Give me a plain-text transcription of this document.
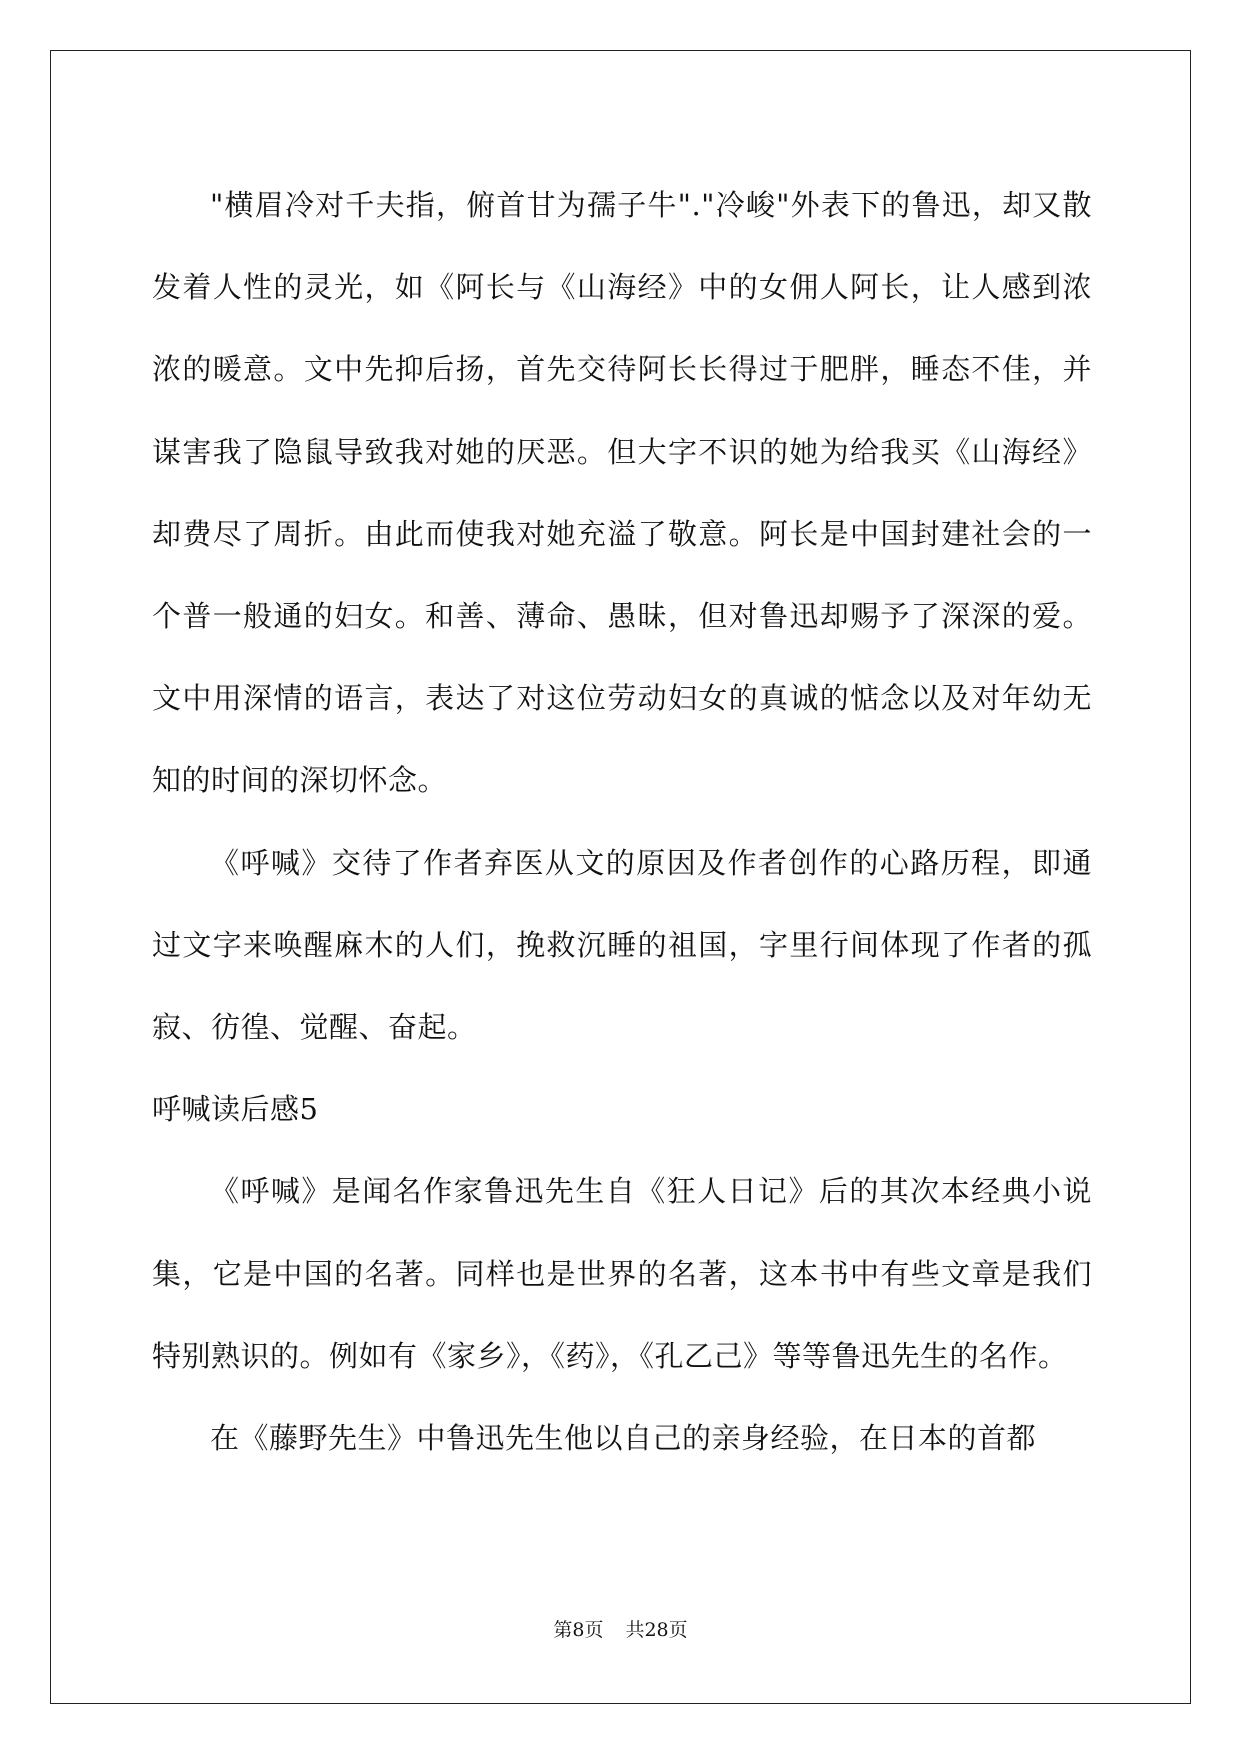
"横眉冷对千夫指，俯首甘为孺子牛"."冷峻"外表下的鲁迅，却又散发着人性的灵光，如《阿长与《山海经》中的女佣人阿长，让人感到浓浓的暖意。文中先抑后扬，首先交待阿长长得过于肥胖，睡态不佳，并谋害我了隐鼠导致我对她的厌恶。但大字不识的她为给我买《山海经》却费尽了周折。由此而使我对她充溢了敬意。阿长是中国封建社会的一个普一般通的妇女。和善、薄命、愚昧，但对鲁迅却赐予了深深的爱。文中用深情的语言，表达了对这位劳动妇女的真诚的惦念以及对年幼无知的时间的深切怀念。

《呼喊》交待了作者弃医从文的原因及作者创作的心路历程，即通过文字来唤醒麻木的人们，挽救沉睡的祖国，字里行间体现了作者的孤寂、彷徨、觉醒、奋起。

呼喊读后感5

《呼喊》是闻名作家鲁迅先生自《狂人日记》后的其次本经典小说集，它是中国的名著。同样也是世界的名著，这本书中有些文章是我们特别熟识的。例如有《家乡》，《药》，《孔乙己》等等鲁迅先生的名作。

在《藤野先生》中鲁迅先生他以自己的亲身经验，在日本的首都

第8页 共28页
